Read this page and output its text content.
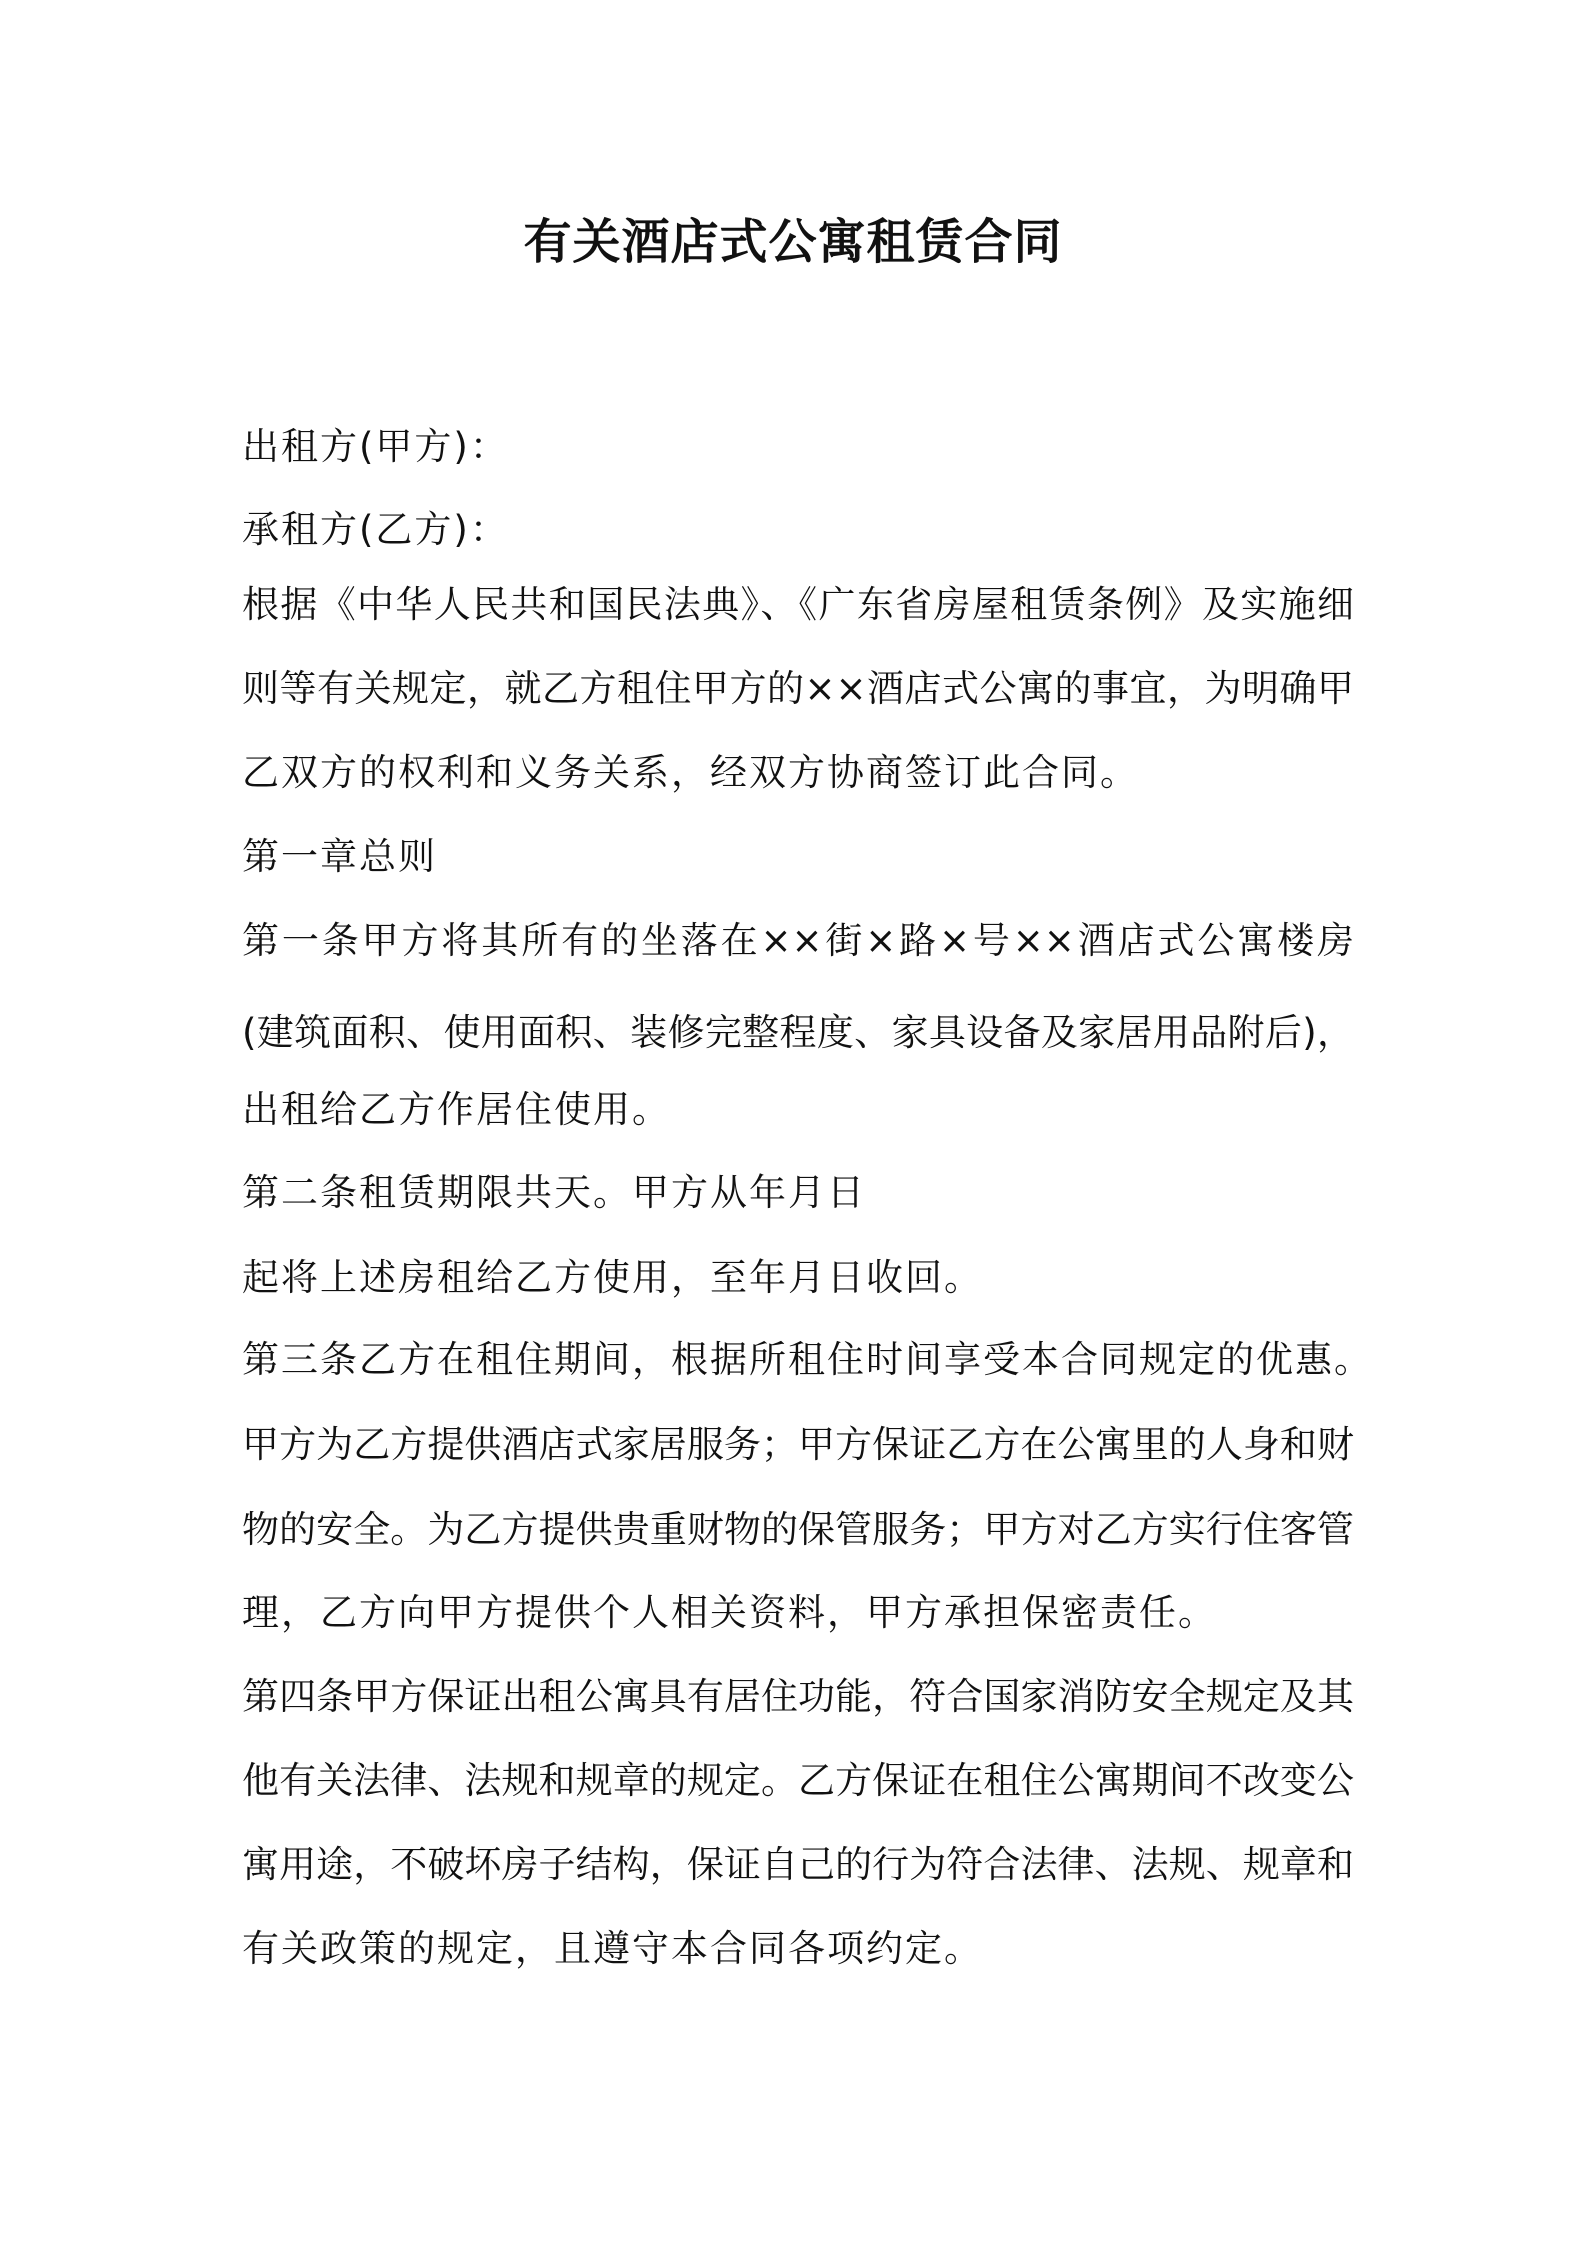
有关酒店式公寓租赁合同
出租方(甲方)：
承租方(乙方)：
根据《中华人民共和国民法典》、《广东省房屋租赁条例》及实施细
则等有关规定，就乙方租住甲方的××酒店式公寓的事宜，为明确甲
乙双方的权利和义务关系，经双方协商签订此合同。
第一章总则
第一条甲方将其所有的坐落在××街×路×号××酒店式公寓楼房
(建筑面积、使用面积、装修完整程度、家具设备及家居用品附后)，
出租给乙方作居住使用。
第二条租赁期限共天。甲方从年月日
起将上述房租给乙方使用，至年月日收回。
第三条乙方在租住期间，根据所租住时间享受本合同规定的优惠。
甲方为乙方提供酒店式家居服务；甲方保证乙方在公寓里的人身和财
物的安全。为乙方提供贵重财物的保管服务；甲方对乙方实行住客管
理，乙方向甲方提供个人相关资料，甲方承担保密责任。
第四条甲方保证出租公寓具有居住功能，符合国家消防安全规定及其
他有关法律、法规和规章的规定。乙方保证在租住公寓期间不改变公
寓用途，不破坏房子结构，保证自己的行为符合法律、法规、规章和
有关政策的规定，且遵守本合同各项约定。
